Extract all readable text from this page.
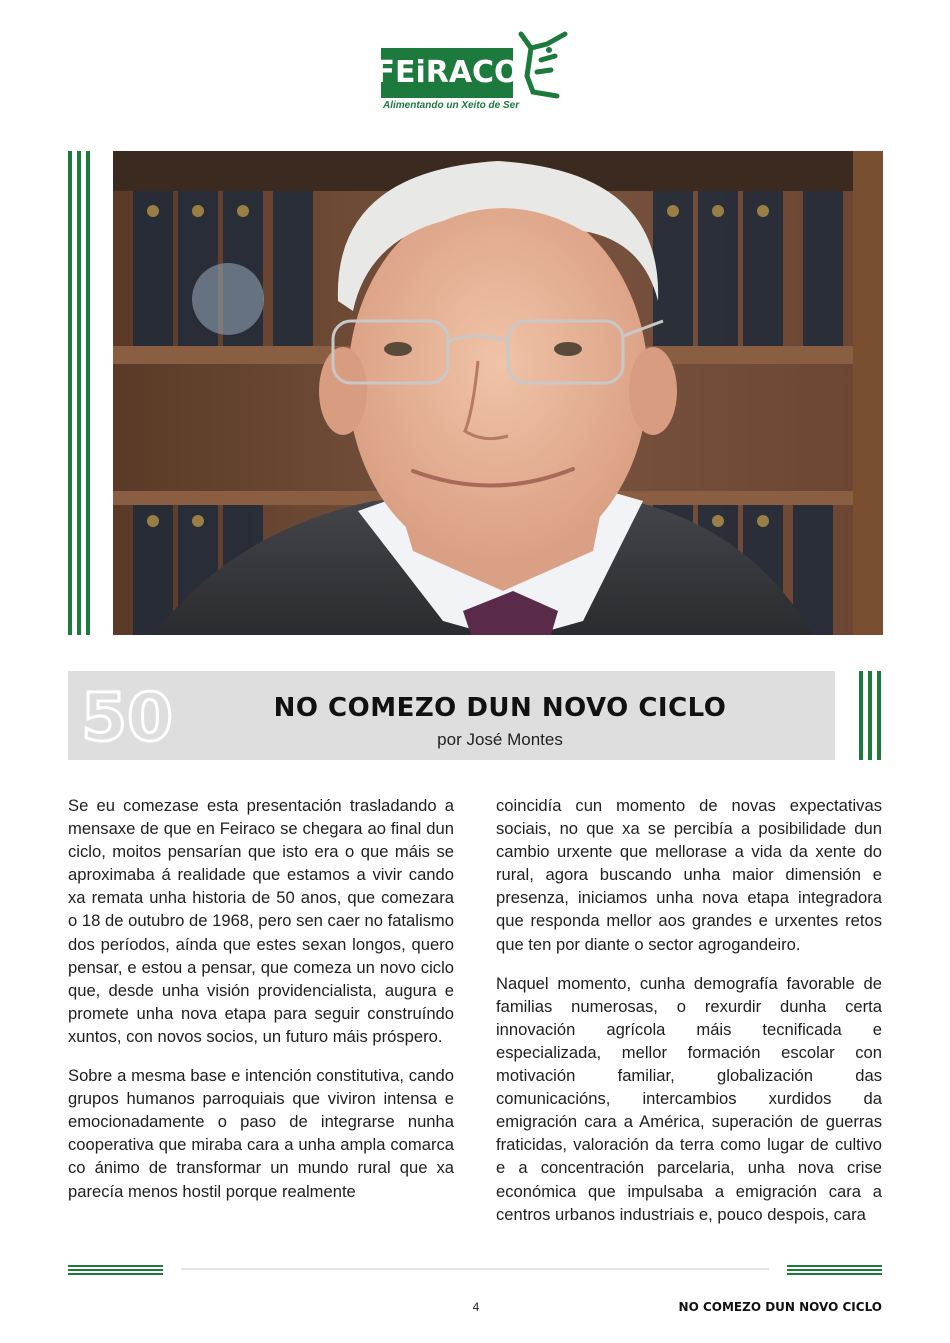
FEiRACO
Alimentando un Xeito de Ser
50	NO COMEZO DUN NOVO CICLO
por José Montes

Se eu comezase esta presentación trasladando a mensaxe de que en Feiraco se chegara ao final dun ciclo, moitos pensarían que isto era o que máis se aproximaba á realidade que estamos a vivir cando xa remata unha historia de 50 anos, que comezara o 18 de outubro de 1968, pero sen caer no fatalismo dos períodos, aínda que estes sexan longos, quero pensar, e estou a pensar, que comeza un novo ciclo que, desde unha visión providencialista, augura e promete unha nova etapa para seguir construíndo xuntos, con novos socios, un futuro máis próspero.

Sobre a mesma base e intención constitutiva, cando grupos humanos parroquiais que viviron intensa e emocionadamente o paso de integrarse nunha cooperativa que miraba cara a unha ampla comarca co ánimo de transformar un mundo rural que xa parecía menos hostil porque realmente

coincidía cun momento de novas expectativas sociais, no que xa se percibía a posibilidade dun cambio urxente que mellorase a vida da xente do rural, agora buscando unha maior dimensión e presenza, iniciamos unha nova etapa integradora que responda mellor aos grandes e urxentes retos que ten por diante o sector agrogandeiro.

Naquel momento, cunha demografía favorable de familias numerosas, o rexurdir dunha certa innovación agrícola máis tecnificada e especializada, mellor formación escolar con motivación familiar, globalización das comunicacións, intercambios xurdidos da emigración cara a América, superación de guerras fraticidas, valoración da terra como lugar de cultivo e a concentración parcelaria, unha nova crise económica que impulsaba a emigración cara a centros urbanos industriais e, pouco despois, cara

4	NO COMEZO DUN NOVO CICLO
